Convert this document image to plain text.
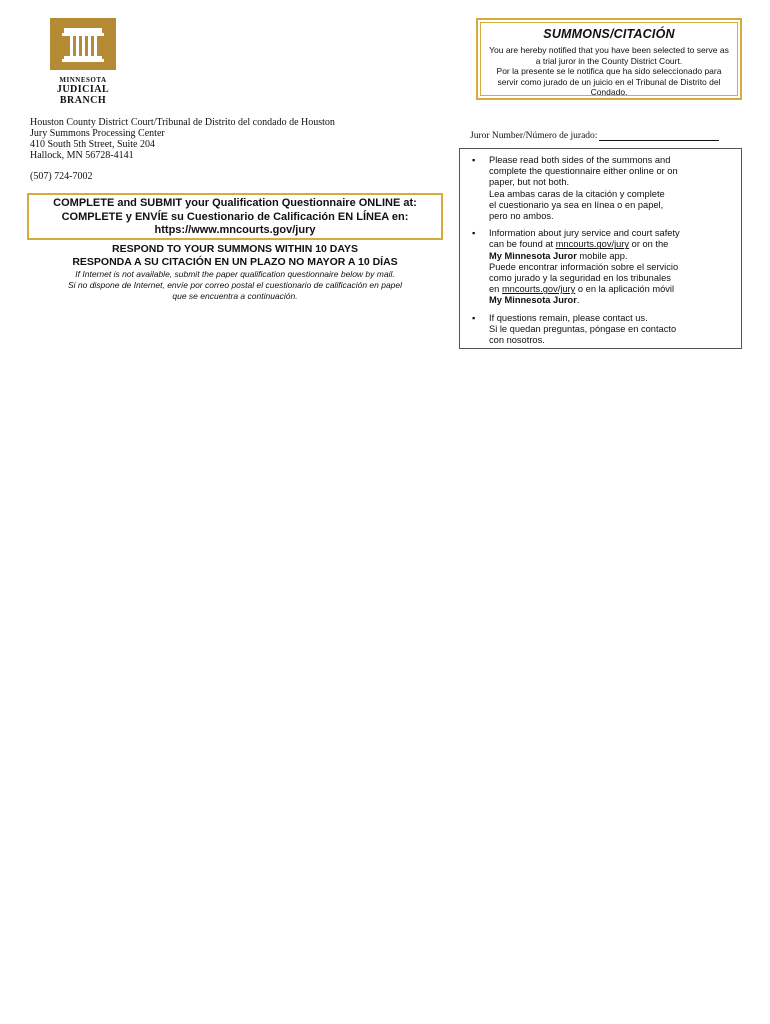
MINNESOTA
JUDICIAL
BRANCH
SUMMONS/CITACIÓN
You are hereby notified that you have been selected to serve as a trial juror in the County District Court.
Por la presente se le notifica que ha sido seleccionado para servir como jurado de un juicio en el Tribunal de Distrito del Condado.
Houston County District Court/Tribunal de Distrito del condado de Houston
Jury Summons Processing Center
410 South 5th Street, Suite 204
Hallock, MN 56728-4141
(507) 724-7002
Juror Number/Número de jurado:
COMPLETE and SUBMIT your Qualification Questionnaire ONLINE at:
COMPLETE y ENVÍE su Cuestionario de Calificación EN LÍNEA en:
https://www.mncourts.gov/jury
RESPOND TO YOUR SUMMONS WITHIN 10 DAYS
RESPONDA A SU CITACIÓN EN UN PLAZO NO MAYOR A 10 DÍAS
If Internet is not available, submit the paper qualification questionnaire below by mail.
Si no dispone de Internet, envíe por correo postal el cuestionario de calificación en papel
que se encuentra a continuación.
▪ Please read both sides of the summons and
complete the questionnaire either online or on
paper, but not both.
Lea ambas caras de la citación y complete
el cuestionario ya sea en línea o en papel,
pero no ambos.
▪ Information about jury service and court safety
can be found at mncourts.gov/jury or on the
My Minnesota Juror mobile app.
Puede encontrar información sobre el servicio
como jurado y la seguridad en los tribunales
en mncourts.gov/jury o en la aplicación móvil
My Minnesota Juror.
▪ If questions remain, please contact us.
Si le quedan preguntas, póngase en contacto
con nosotros.
